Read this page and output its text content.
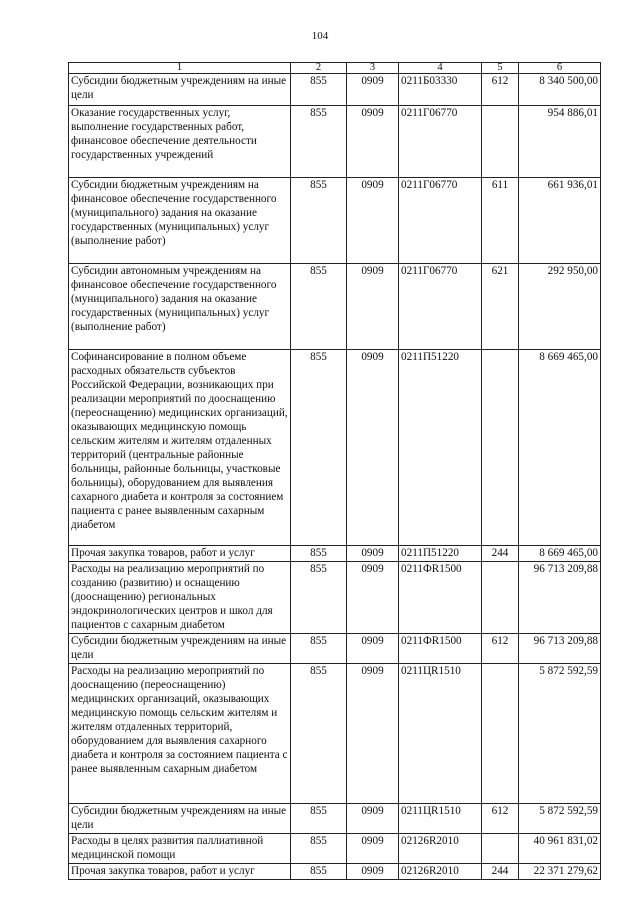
104
1	2	3	4	5	6
Субсидии бюджетным учреждениям на иные цели	855	0909	0211Б03330	612	8 340 500,00
Оказание государственных услуг, выполнение государственных работ, финансовое обеспечение деятельности государственных учреждений	855	0909	0211Г06770		954 886,01
Субсидии бюджетным учреждениям на финансовое обеспечение государственного (муниципального) задания на оказание государственных (муниципальных) услуг (выполнение работ)	855	0909	0211Г06770	611	661 936,01
Субсидии автономным учреждениям на финансовое обеспечение государственного (муниципального) задания на оказание государственных (муниципальных) услуг (выполнение работ)	855	0909	0211Г06770	621	292 950,00
Софинансирование в полном объеме расходных обязательств субъектов Российской Федерации, возникающих при реализации мероприятий по дооснащению (переоснащению) медицинских организаций, оказывающих медицинскую помощь сельским жителям и жителям отдаленных территорий (центральные районные больницы, районные больницы, участковые больницы), оборудованием для выявления сахарного диабета и контроля за состоянием пациента с ранее выявленным сахарным диабетом	855	0909	0211П51220		8 669 465,00
Прочая закупка товаров, работ и услуг	855	0909	0211П51220	244	8 669 465,00
Расходы на реализацию мероприятий по созданию (развитию) и оснащению (дооснащению) региональных эндокринологических центров и школ для пациентов с сахарным диабетом	855	0909	0211ФR1500		96 713 209,88
Субсидии бюджетным учреждениям на иные цели	855	0909	0211ФR1500	612	96 713 209,88
Расходы на реализацию мероприятий по дооснащению (переоснащению) медицинских организаций, оказывающих медицинскую помощь сельским жителям и жителям отдаленных территорий, оборудованием для выявления сахарного диабета и контроля за состоянием пациента с ранее выявленным сахарным диабетом	855	0909	0211ЦR1510		5 872 592,59
Субсидии бюджетным учреждениям на иные цели	855	0909	0211ЦR1510	612	5 872 592,59
Расходы в целях развития паллиативной медицинской помощи	855	0909	02126R2010		40 961 831,02
Прочая закупка товаров, работ и услуг	855	0909	02126R2010	244	22 371 279,62
